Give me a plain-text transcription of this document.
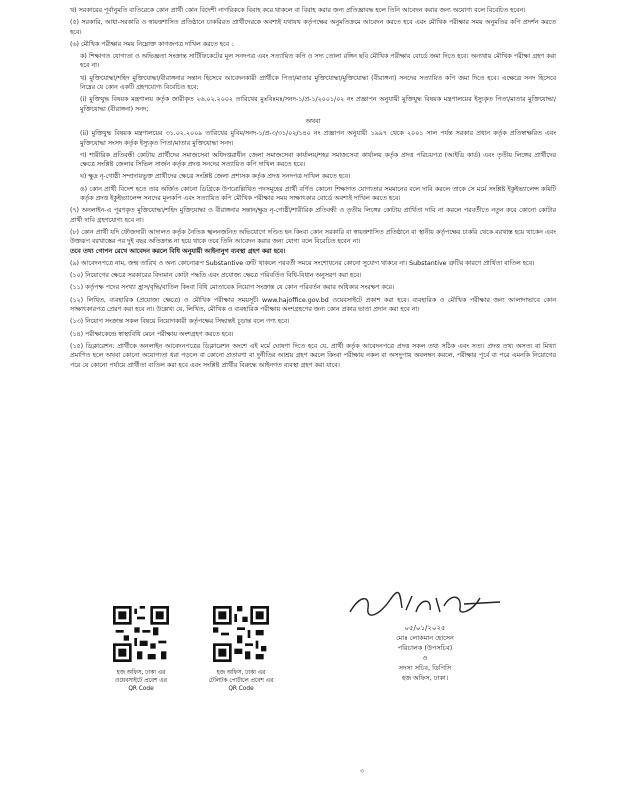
খ) সরকারের পূর্বানুমতি ব্যতিরেকে কোন প্রার্থী কোন বিদেশী নাগরিককে বিবাহ করে থাকলে বা বিবাহ করার জন্য প্রতিজ্ঞাবদ্ধ হলে তিনি আবেদন করার জন্য অযোগ্য বলে বিবেচিত হবেন।

(৫) সরকারি, আধা-সরকারি ও স্বায়ত্তশাসিত প্রতিষ্ঠানে চাকরিরত প্রার্থীদেরকে অবশ্যই যথাযথ কর্তৃপক্ষের অনুমতিক্রমে আবেদন করতে হবে এবং মৌখিক পরীক্ষার সময় অনুমতির কপি প্রদর্শন করতে হবে।

(৬) মৌখিক পরীক্ষার সময় নিম্নোক্ত কাগজপত্র দাখিল করতে হবে :

ক) শিক্ষাগত যোগ্যতা ও অভিজ্ঞতা সংক্রান্ত সার্টিফিকেটের মূল সনদপত্র এবং সত্যায়িত কপি ও সদ্য তোলা রঙ্গিন ছবি মৌখিক পরীক্ষার বোর্ডে জমা দিতে হবে। অন্যথায় মৌখিক পরীক্ষা গ্রহণ করা হবে না।

খ) মুক্তিযোদ্ধা/শহিদ মুক্তিযোদ্ধা/বীরাঙ্গনার সন্তান হিসেবে আবেদনকারী প্রার্থীকে পিতা/মাতার মুক্তিযোদ্ধা/মুক্তিযোদ্ধা (বীরাঙ্গনা) সনদের সত্যায়িত কপি জমা দিতে হবে। এক্ষেত্রে সনদ হিসেবে নিম্নের যে কোন একটি গ্রহণযোগ্য বিবেচিত হবে:

(i) মুক্তিযুদ্ধ বিষয়ক মন্ত্রণালয় কর্তৃক জারীকৃত ২৬.০২.২০০২ তারিখের মুঃবিঃমঃ/সনদ-১/প্র-১/২০০১/০২ নং প্রজ্ঞাপন অনুযায়ী মুক্তিযুদ্ধ বিষয়ক মন্ত্রণালয়ের ইস্যুকৃত পিতা/মাতার মুক্তিযোদ্ধা/মুক্তিযোদ্ধা (বীরাঙ্গনা) সনদ;

অথবা

(ii) মুক্তিযুদ্ধ বিষয়ক মন্ত্রণালয়ের ৩১.০২.২০০৯ তারিখের মুবিম/সনদ-১/প্র-৩/৩১/০২/১৪০ নং প্রজ্ঞাপন অনুযায়ী ১৯৯৭ থেকে ২০০১ সাল পর্যন্ত সরকার প্রধান কর্তৃক প্রতিস্বাক্ষরিত এবং মুক্তিযোদ্ধা সংসদ কর্তৃক ইস্যুকৃত পিতা/মাতার মুক্তিযোদ্ধা সনদ।

গ) শারীরিক প্রতিবন্ধী কোটায় প্রার্থীদের সমাজসেবা অধিদপ্তরাধীন জেলা সমাজসেবা কার্যালয়/শহর সমাজসেবা কার্যালয় কর্তৃক প্রদত্ত পরিচয়পত্র (আইডি কার্ড) এবং তৃতীয় লিঙ্গের প্রার্থীদের ক্ষেত্রে সংশ্লিষ্ট জেলার সিভিল সার্জন কর্তৃক প্রদত্ত সনদের সত্যায়িত কপি দাখিল করতে হবে।

ঘ) ক্ষুদ্র নৃ-গোষ্ঠী সম্প্রদায়ভুক্ত প্রার্থীদের ক্ষেত্রে সংশ্লিষ্ট জেলা প্রশাসক কর্তৃক প্রদত্ত সনদপত্র দাখিল করতে হবে।

ঙ) কোন প্রার্থী বিদেশ হতে তার অর্জিত কোনো ডিগ্রিকে উপরোল্লিখিত পদসমূহের প্রার্থী বর্ণিত কোনো শিক্ষাগত যোগ্যতার সমমানের বলে দাবি করলে তাকে সে মর্মে সংশ্লিষ্ট ইকুইভ্যালেন্স কমিটি কর্তৃক প্রদত্ত ইকুইভ্যালেন্স সনদের মূলকপি এবং সত্যায়িত কপি মৌখিক পরীক্ষার সময় সাক্ষাৎকার বোর্ডে অবশ্যই দাখিল করতে হবে।

(৭) অনলাইন-এ পূরণকৃত মুক্তিযোদ্ধা/শহিদ মুক্তিযোদ্ধা ও বীরাঙ্গনার সন্তান/ক্ষুদ্র নৃ-গোষ্ঠী/শারীরিক প্রতিবন্ধী ও তৃতীয় লিঙ্গের কোটায় প্রার্থিতা দাবি না করলে পরবর্তীতে নতুন করে কোনো কোটার প্রার্থী দাবি গ্রহণযোগ্য হবে না।

(৮) কোন প্রার্থী যদি ফৌজদারী আদালত কর্তৃক নৈতিক স্খলনজনিত অভিযোগে দণ্ডিত হন কিংবা কোন সরকারি বা স্বায়ত্তশাসিত প্রতিষ্ঠানে বা স্থানীয় কর্তৃপক্ষের চাকরি থেকে বরখাস্ত হয়ে থাকেন এবং উক্তরূপ বরখাস্তের পর দুই বছর অতিক্রান্ত না হয়ে থাকে তবে তিনি আবেদন করার জন্য যোগ্য বলে বিবেচিত হবেন না।

তবে তথ্য গোপন রেখে আবেদন করলে বিধি অনুযায়ী আইনানুগ ব্যবস্থা গ্রহণ করা হবে।

(৯) আবেদনপত্রে নাম, জন্ম তারিখ ও অন্য কোনোরূপ Substantive ত্রুটি থাকলে পরবর্তী সময়ে সংশোধনের কোনো সুযোগ থাকবে না। Substantive ত্রুটির কারণে প্রার্থিতা বাতিল হবে।

(১০) নিয়োগের ক্ষেত্রে সরকারের বিদ্যমান কোটা পদ্ধতি এবং প্রযোজ্য ক্ষেত্রে পরিবর্তিত বিধি-বিধান অনুসরণ করা হবে।

(১১) কর্তৃপক্ষ পদের সংখ্যা হ্রাস/বৃদ্ধি/বাতিল কিংবা বিধি মোতাবেক নিয়োগ সংক্রান্ত যে কোন পরিবর্তন করার অধিকার সংরক্ষণ করে।

(১২) লিখিত, ব্যবহারিক (প্রযোজ্য ক্ষেত্রে) ও মৌখিক পরীক্ষার সময়সূচী www.hajoffice.gov.bd ওয়েবসাইটে প্রকাশ করা হবে। ব্যবহারিক ও মৌখিক পরীক্ষার জন্য আলাদাভাবে কোন সাক্ষাৎকারপত্র প্রেরণ করা হবে না। উল্লেখ্য যে, লিখিত, মৌখিক ও ব্যবহারিক পরীক্ষায় অংশগ্রহণের জন্য কোন প্রকার ভাতা প্রদান করা হবে না।

(১৩) নিয়োগ সংক্রান্ত সকল বিষয়ে নিয়োগকারী কর্তৃপক্ষের সিদ্ধান্তই চূড়ান্ত বলে গণ্য হবে।

(১৪) পরীক্ষাকেন্দ্রে স্বাস্থ্যবিধি মেনে পরীক্ষায় অংশগ্রহণ করতে হবে।

(১৫) ডিক্লারেশন: প্রার্থীকে অনলাইন আবেদনপত্রের ডিক্লারেশন অংশে এই মর্মে ঘোষণা দিতে হবে যে, প্রার্থী কর্তৃক আবেদনপত্রে প্রদত্ত সকল তথ্য সঠিক এবং সত্য। প্রদত্ত তথ্য অসত্য বা মিথ্যা প্রমাণিত হলে অথবা কোনো অযোগ্যতা ধরা পড়লে বা কোনো প্রতারণা বা দুর্নীতির আশ্রয় গ্রহণ করলে কিংবা পরীক্ষায় নকল বা অসদুপায় অবলম্বন করলে, পরীক্ষার পূর্বে বা পরে এমনকি নিয়োগের পরে যে কোনো পর্যায়ে প্রার্থীতা বাতিল করা হবে এবং সংশ্লিষ্ট প্রার্থীর বিরুদ্ধে আইনগত ব্যবস্থা গ্রহণ করা যাবে।

হজ অফিস, ঢাকা এর
ওয়েবসাইটে প্রবেশ এর
QR Code
হজ অফিস, ঢাকা এর
টেলিটক পোর্টালে প্রবেশ এর
QR Code
০৫/০১/২০২৫
মোঃ লোকমান হোসেন
পরিচালক (উপসচিব)
ও
সদস্য সচিব, ডিপিসি
হজ অফিস, ঢাকা।
৩
